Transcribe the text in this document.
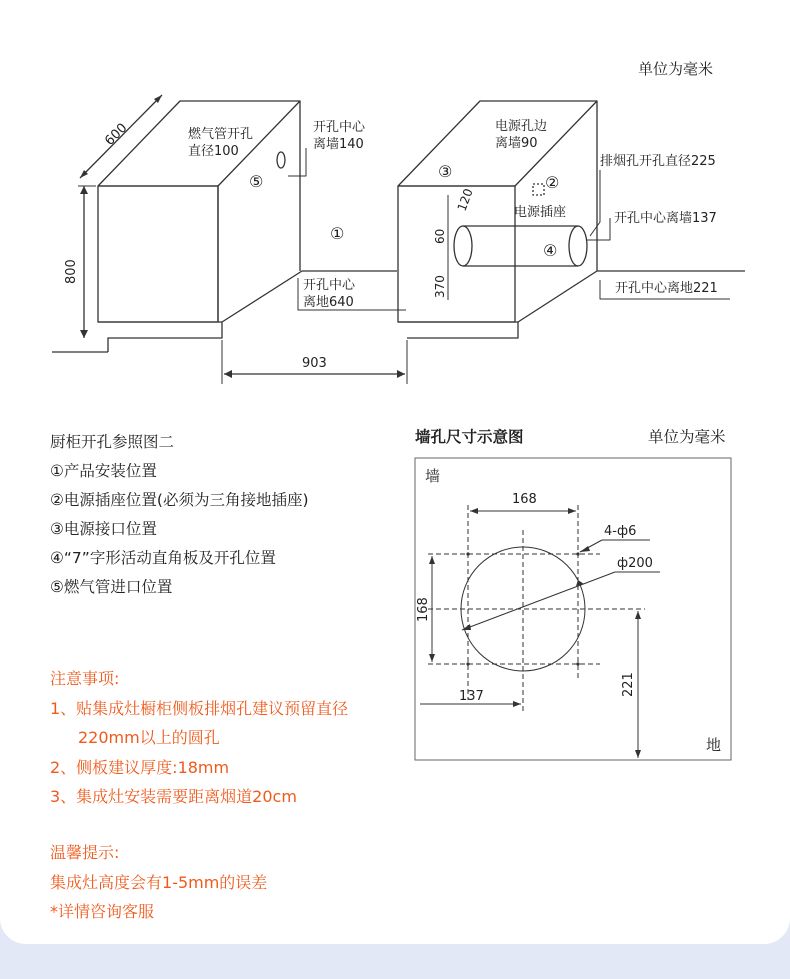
单位为毫米
600
800
903
燃气管开孔
直径100
开孔中心
离墙140
⑤
①
开孔中心
离地640
电源孔边
离墙90
③
②
电源插座
④
120
60
370
排烟孔开孔直径225
开孔中心离墙137
开孔中心离地221
厨柜开孔参照图二
①产品安装位置
②电源插座位置(必须为三角接地插座)
③电源接口位置
④“7”字形活动直角板及开孔位置
⑤燃气管进口位置
墙孔尺寸示意图	单位为毫米
墙
地
168
168
137	221
4-ф6
ф200
注意事项:
1、贴集成灶橱柜侧板排烟孔建议预留直径
220mm以上的圆孔
2、侧板建议厚度:18mm
3、集成灶安装需要距离烟道20cm
温馨提示:
集成灶高度会有1-5mm的误差
*详情咨询客服
